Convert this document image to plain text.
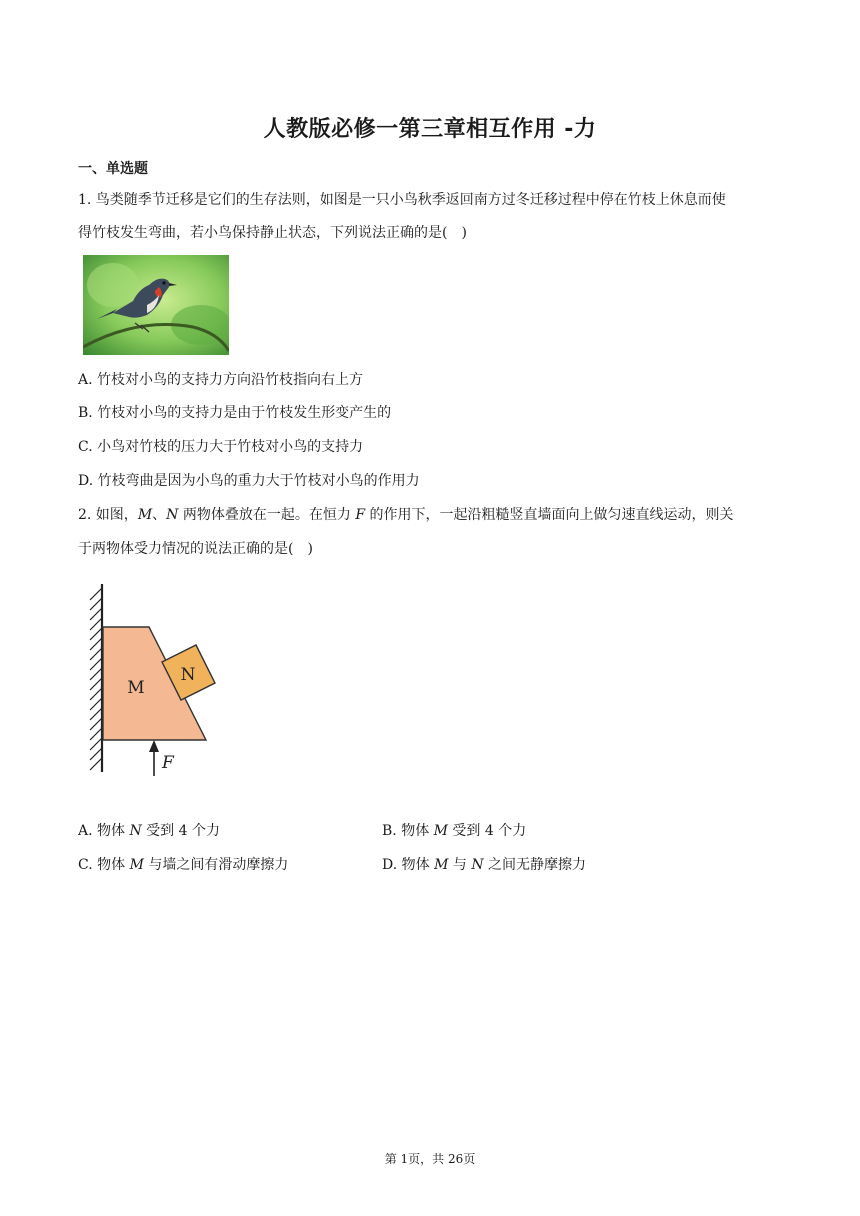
人教版必修一第三章相互作用 -力
一、单选题
1. 鸟类随季节迁移是它们的生存法则，如图是一只小鸟秋季返回南方过冬迁移过程中停在竹枝上休息而使
得竹枝发生弯曲，若小鸟保持静止状态，下列说法正确的是(　)
A. 竹枝对小鸟的支持力方向沿竹枝指向右上方
B. 竹枝对小鸟的支持力是由于竹枝发生形变产生的
C. 小鸟对竹枝的压力大于竹枝对小鸟的支持力
D. 竹枝弯曲是因为小鸟的重力大于竹枝对小鸟的作用力
2. 如图，M、N 两物体叠放在一起。在恒力 F 的作用下，一起沿粗糙竖直墙面向上做匀速直线运动，则关
于两物体受力情况的说法正确的是(　)
M
N
F
A. 物体 N 受到 4 个力	B. 物体 M 受到 4 个力
C. 物体 M 与墙之间有滑动摩擦力	D. 物体 M 与 N 之间无静摩擦力
第 1页，共 26页
